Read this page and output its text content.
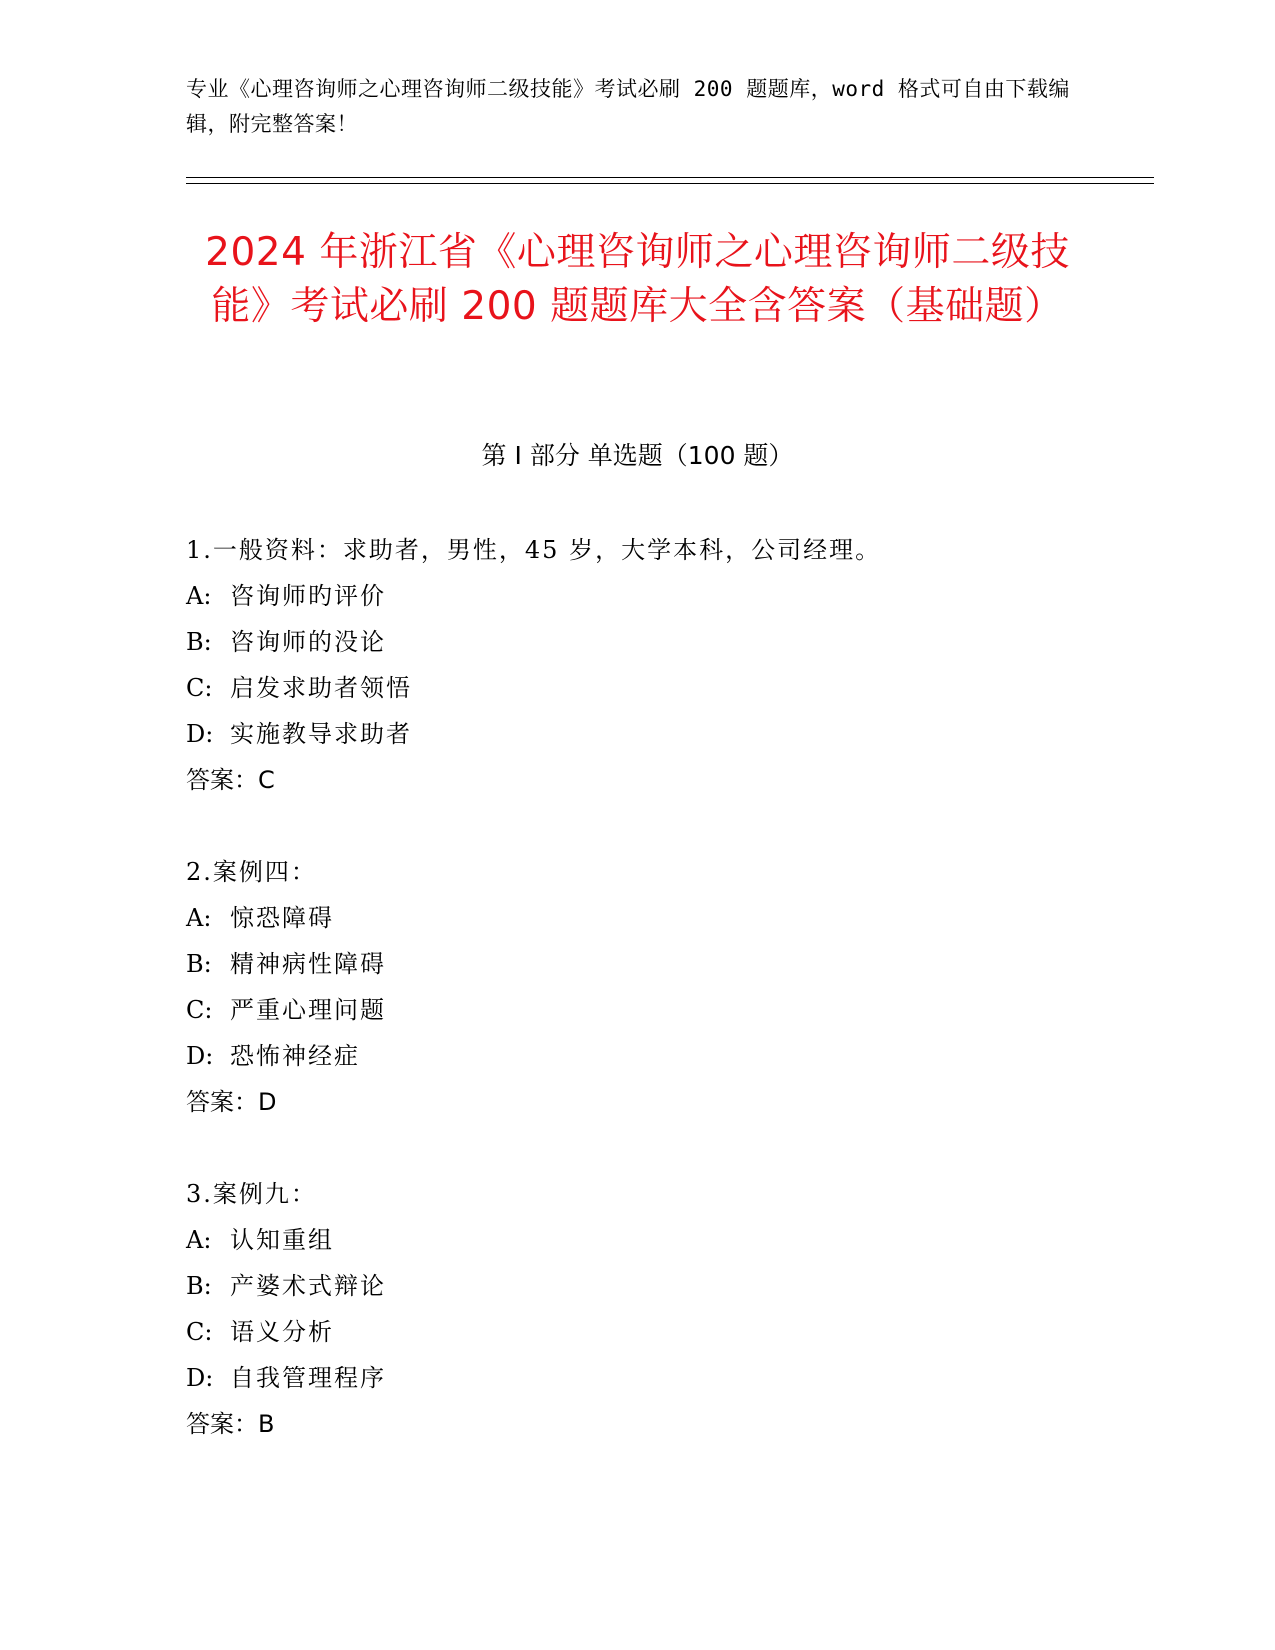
专业《心理咨询师之心理咨询师二级技能》考试必刷 200 题题库，word 格式可自由下载编辑，附完整答案！
2024 年浙江省《心理咨询师之心理咨询师二级技能》考试必刷 200 题题库大全含答案（基础题）
第 I 部分 单选题（100 题）
1.一般资料：求助者，男性，45 岁，大学本科，公司经理。
A: 咨询师旳评价
B: 咨询师的没论
C: 启发求助者领悟
D: 实施教导求助者
答案：C
2.案例四：
A: 惊恐障碍
B: 精神病性障碍
C: 严重心理问题
D: 恐怖神经症
答案：D
3.案例九：
A: 认知重组
B: 产婆术式辩论
C: 语义分析
D: 自我管理程序
答案：B
